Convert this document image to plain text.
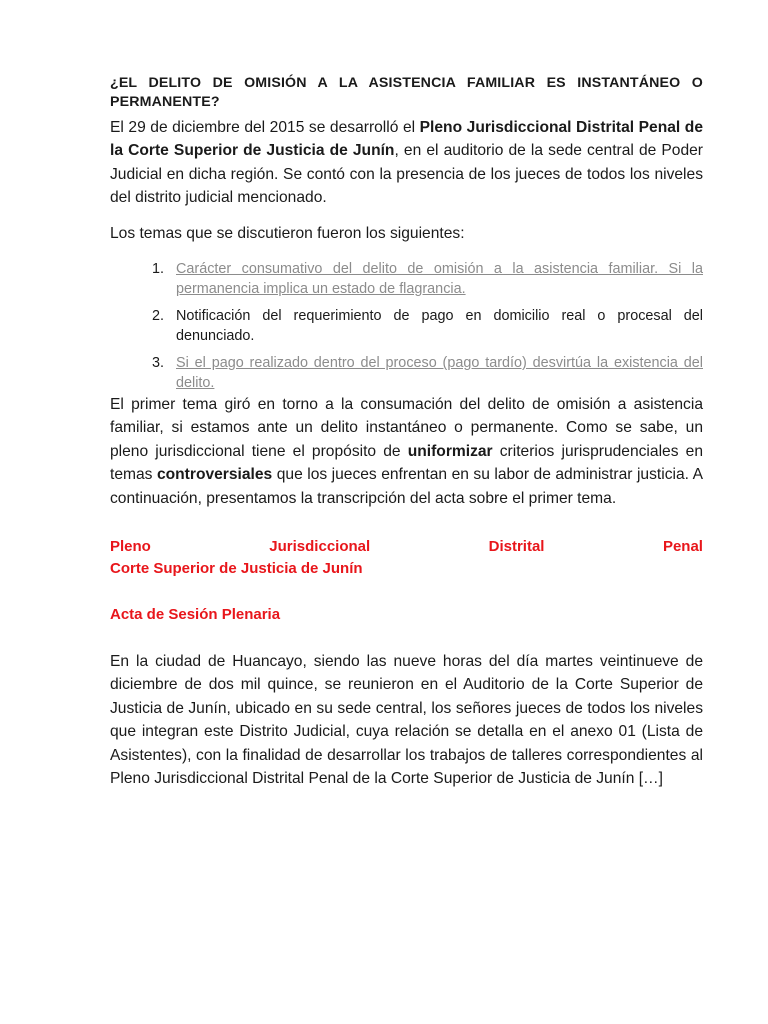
¿EL DELITO DE OMISIÓN A LA ASISTENCIA FAMILIAR ES INSTANTÁNEO O PERMANENTE?

El 29 de diciembre del 2015 se desarrolló el Pleno Jurisdiccional Distrital Penal de la Corte Superior de Justicia de Junín, en el auditorio de la sede central de Poder Judicial en dicha región. Se contó con la presencia de los jueces de todos los niveles del distrito judicial mencionado.

Los temas que se discutieron fueron los siguientes:

Carácter consumativo del delito de omisión a la asistencia familiar. Si la permanencia implica un estado de flagrancia.
Notificación del requerimiento de pago en domicilio real o procesal del denunciado.
Si el pago realizado dentro del proceso (pago tardío) desvirtúa la existencia del delito.

El primer tema giró en torno a la consumación del delito de omisión a asistencia familiar, si estamos ante un delito instantáneo o permanente. Como se sabe, un pleno jurisdiccional tiene el propósito de uniformizar criterios jurisprudenciales en temas controversiales que los jueces enfrentan en su labor de administrar justicia. A continuación, presentamos la transcripción del acta sobre el primer tema.

Pleno	Jurisdiccional	Distrital	Penal
Corte Superior de Justicia de Junín
Acta de Sesión Plenaria

En la ciudad de Huancayo, siendo las nueve horas del día martes veintinueve de diciembre de dos mil quince, se reunieron en el Auditorio de la Corte Superior de Justicia de Junín, ubicado en su sede central, los señores jueces de todos los niveles que integran este Distrito Judicial, cuya relación se detalla en el anexo 01 (Lista de Asistentes), con la finalidad de desarrollar los trabajos de talleres correspondientes al Pleno Jurisdiccional Distrital Penal de la Corte Superior de Justicia de Junín […]
